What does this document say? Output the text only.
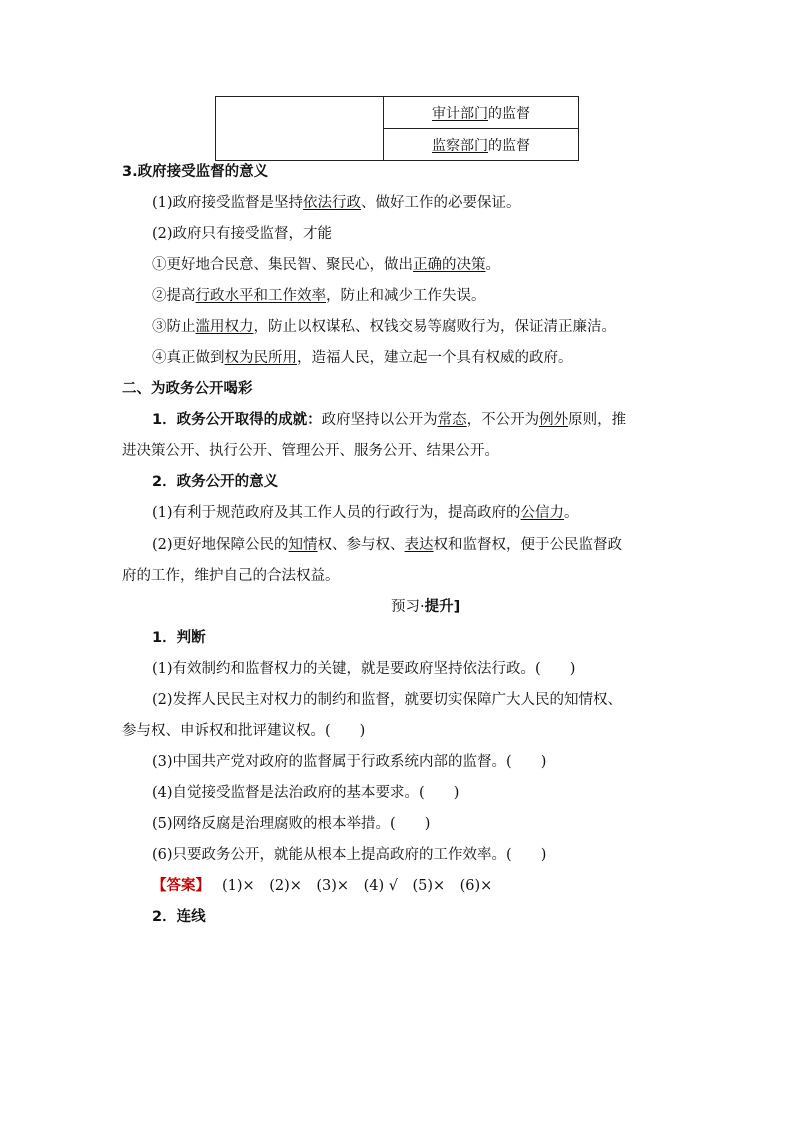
	审计部门的监督
监察部门的监督
3.政府接受监督的意义
(1)政府接受监督是坚持依法行政、做好工作的必要保证。
(2)政府只有接受监督，才能
①更好地合民意、集民智、聚民心，做出正确的决策。
②提高行政水平和工作效率，防止和减少工作失误。
③防止滥用权力，防止以权谋私、权钱交易等腐败行为，保证清正廉洁。
④真正做到权为民所用，造福人民，建立起一个具有权威的政府。
二、为政务公开喝彩
1．政务公开取得的成就：政府坚持以公开为常态，不公开为例外原则，推
进决策公开、执行公开、管理公开、服务公开、结果公开。
2．政务公开的意义
(1)有利于规范政府及其工作人员的行政行为，提高政府的公信力。
(2)更好地保障公民的知情权、参与权、表达权和监督权，便于公民监督政
府的工作，维护自己的合法权益。
预习·提升]
1．判断
(1)有效制约和监督权力的关键，就是要政府坚持依法行政。(　　)
(2)发挥人民民主对权力的制约和监督，就要切实保障广大人民的知情权、
参与权、申诉权和批评建议权。(　　)
(3)中国共产党对政府的监督属于行政系统内部的监督。(　　)
(4)自觉接受监督是法治政府的基本要求。(　　)
(5)网络反腐是治理腐败的根本举措。(　　)
(6)只要政务公开，就能从根本上提高政府的工作效率。(　　)
【答案】 (1)×　(2)×　(3)×　(4) √　(5)×　(6)×
2．连线
